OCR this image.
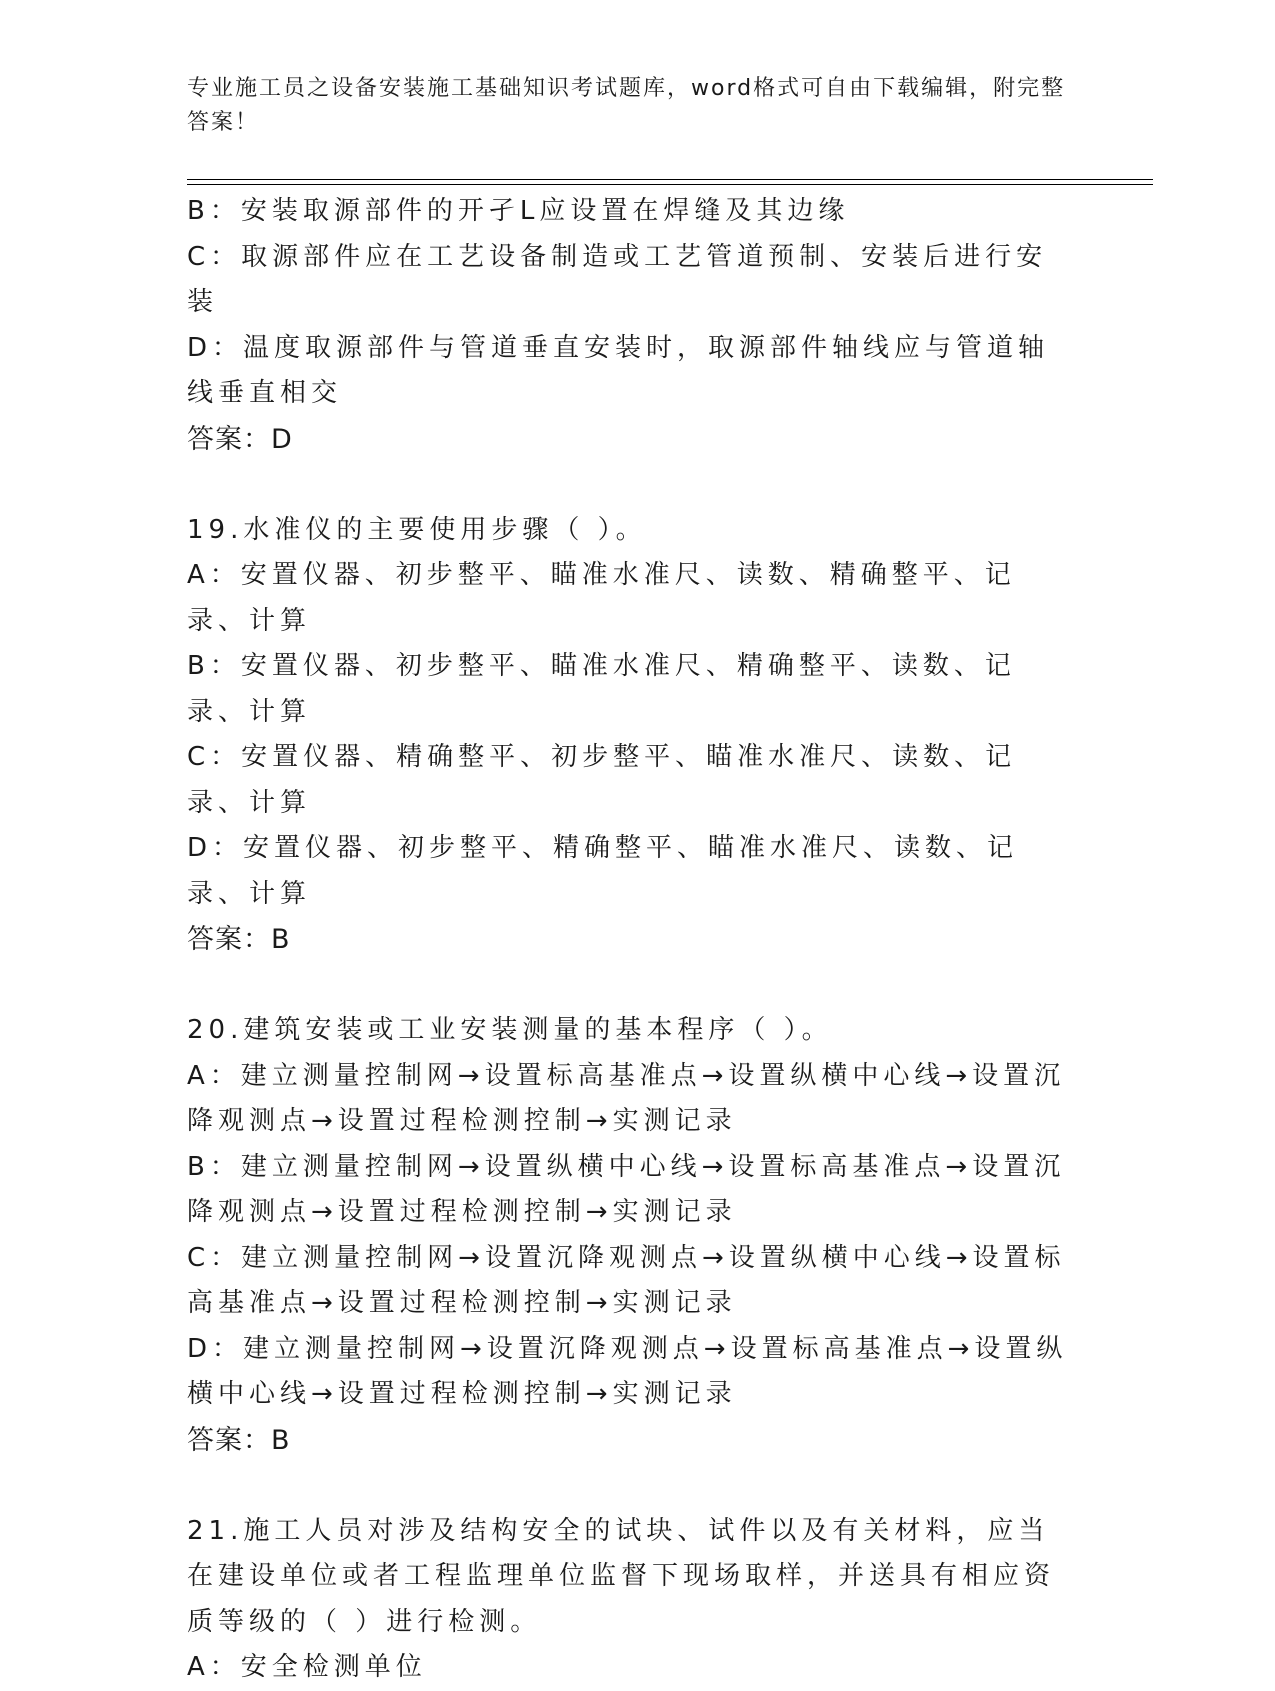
专业施工员之设备安装施工基础知识考试题库，word格式可自由下载编辑，附完整答案！
B：安装取源部件的开孑L应设置在焊缝及其边缘
C：取源部件应在工艺设备制造或工艺管道预制、安装后进行安装
D：温度取源部件与管道垂直安装时，取源部件轴线应与管道轴线垂直相交
答案：D
19.水准仪的主要使用步骤（ ）。
A：安置仪器、初步整平、瞄准水准尺、读数、精确整平、记录、计算
B：安置仪器、初步整平、瞄准水准尺、精确整平、读数、记录、计算
C：安置仪器、精确整平、初步整平、瞄准水准尺、读数、记录、计算
D：安置仪器、初步整平、精确整平、瞄准水准尺、读数、记录、计算
答案：B
20.建筑安装或工业安装测量的基本程序（ ）。
A：建立测量控制网→设置标高基准点→设置纵横中心线→设置沉降观测点→设置过程检测控制→实测记录
B：建立测量控制网→设置纵横中心线→设置标高基准点→设置沉降观测点→设置过程检测控制→实测记录
C：建立测量控制网→设置沉降观测点→设置纵横中心线→设置标高基准点→设置过程检测控制→实测记录
D：建立测量控制网→设置沉降观测点→设置标高基准点→设置纵横中心线→设置过程检测控制→实测记录
答案：B
21.施工人员对涉及结构安全的试块、试件以及有关材料，应当在建设单位或者工程监理单位监督下现场取样，并送具有相应资质等级的（ ）进行检测。
A：安全检测单位
